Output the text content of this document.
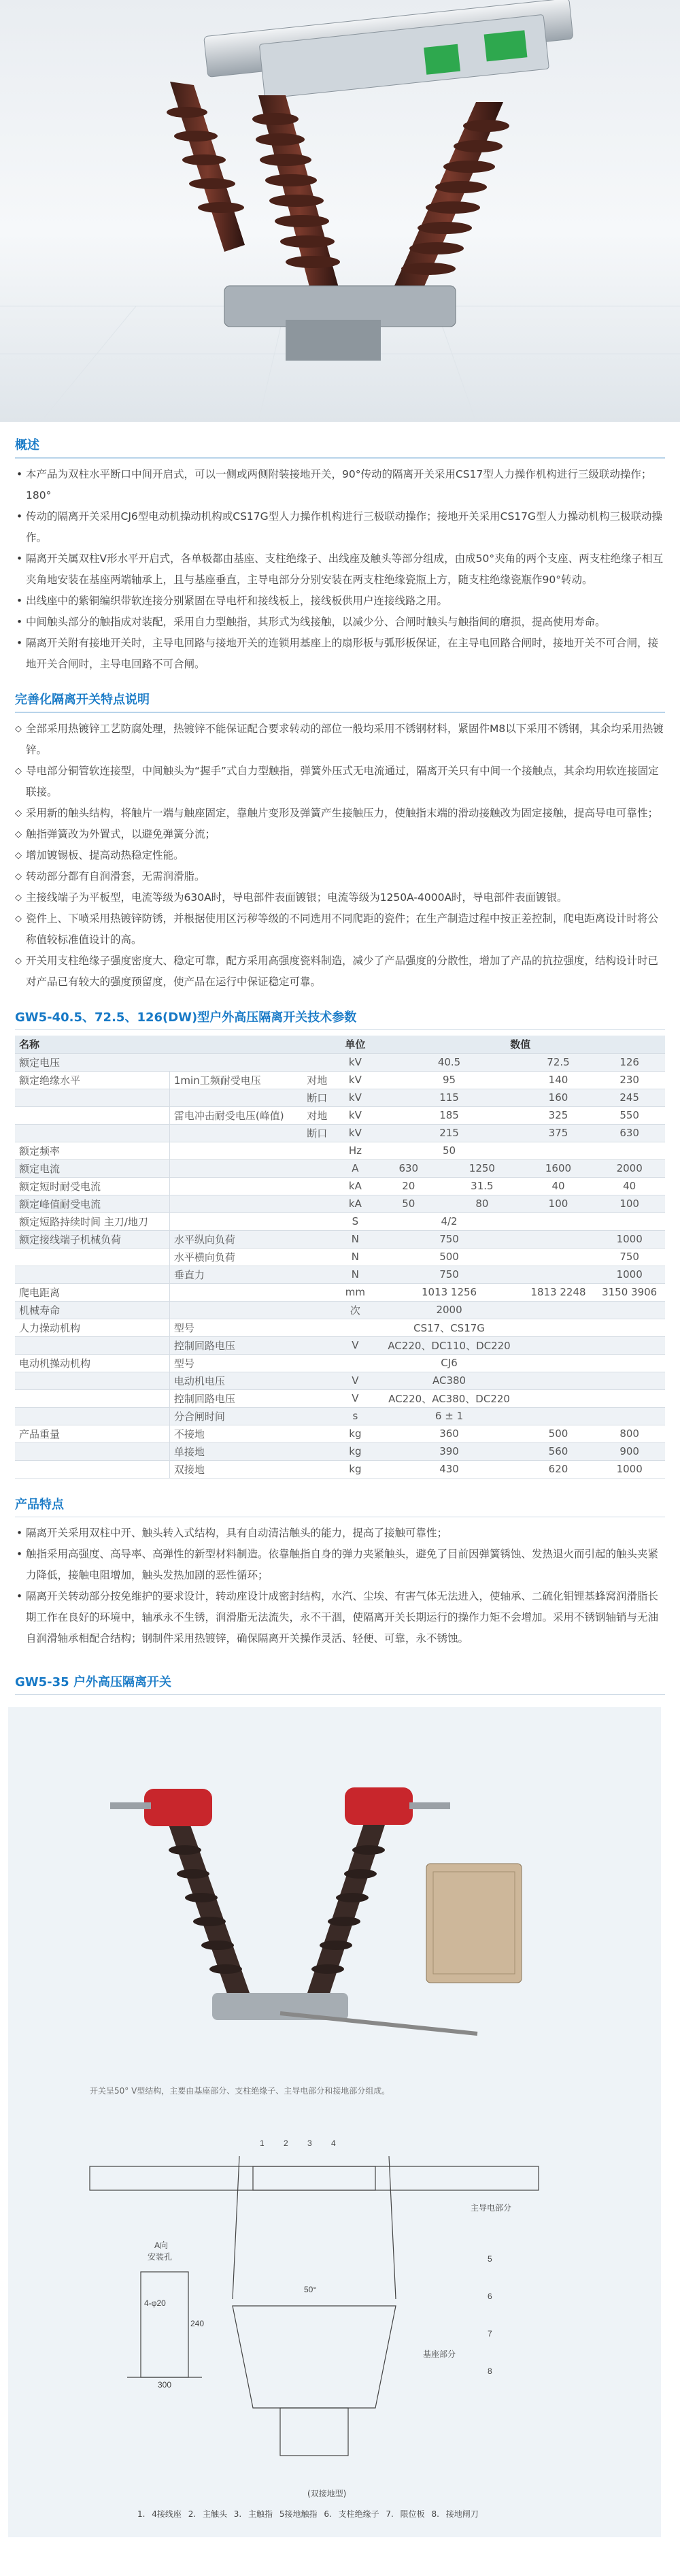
概述
• 本产品为双柱水平断口中间开启式，可以一侧或两侧附装接地开关，90°传动的隔离开关采用CS17型人力操作机构进行三级联动操作；180°
• 传动的隔离开关采用CJ6型电动机操动机构或CS17G型人力操作机构进行三极联动操作；接地开关采用CS17G型人力操动机构三极联动操作。
• 隔离开关属双柱V形水平开启式，各单极都由基座、支柱绝缘子、出线座及触头等部分组成，由成50°夹角的两个支座、两支柱绝缘子相互夹角地安装在基座两端轴承上，且与基座垂直，主导电部分分别安装在两支柱绝缘瓷瓶上方，随支柱绝缘瓷瓶作90°转动。
• 出线座中的紫铜编织带软连接分别紧固在导电杆和接线板上，接线板供用户连接线路之用。
• 中间触头部分的触指成对装配，采用自力型触指，其形式为线接触，以减少分、合闸时触头与触指间的磨损，提高使用寿命。
• 隔离开关附有接地开关时，主导电回路与接地开关的连锁用基座上的扇形板与弧形板保证，在主导电回路合闸时，接地开关不可合闸，接地开关合闸时，主导电回路不可合闸。
完善化隔离开关特点说明
◇ 全部采用热镀锌工艺防腐处理，热镀锌不能保证配合要求转动的部位一般均采用不锈钢材料，紧固件M8以下采用不锈钢，其余均采用热镀锌。
◇ 导电部分铜管软连接型，中间触头为“握手”式自力型触指，弹簧外压式无电流通过，隔离开关只有中间一个接触点，其余均用软连接固定联接。
◇ 采用新的触头结构，将触片一端与触座固定，靠触片变形及弹簧产生接触压力，使触指末端的滑动接触改为固定接触，提高导电可靠性；
◇ 触指弹簧改为外置式，以避免弹簧分流；
◇ 增加镀锡板、提高动热稳定性能。
◇ 转动部分都有自润滑套，无需润滑脂。
◇ 主接线端子为平板型，电流等级为630A时，导电部件表面镀银；电流等级为1250A-4000A时，导电部件表面镀银。
◇ 瓷件上、下喷采用热镀锌防锈，并根据使用区污秽等级的不同选用不同爬距的瓷件；在生产制造过程中按正差控制，爬电距离设计时将公称值较标准值设计的高。
◇ 开关用支柱绝缘子强度密度大、稳定可靠，配方采用高强度瓷料制造，减少了产品强度的分散性，增加了产品的抗拉强度，结构设计时已对产品已有较大的强度预留度，使产品在运行中保证稳定可靠。
GW5-40.5、72.5、126(DW)型户外高压隔离开关技术参数
名称			单位	数值			
额定电压			kV	40.5		72.5	126
额定绝缘水平	1min工频耐受电压	对地	kV	95		140	230
		断口	kV	115		160	245
	雷电冲击耐受电压(峰值)	对地	kV	185		325	550
		断口	kV	215		375	630
额定频率			Hz	50			
额定电流			A	630	1250	1600	2000
额定短时耐受电流			kA	20	31.5	40	40
额定峰值耐受电流			kA	50	80	100	100
额定短路持续时间 主刀/地刀			S	4/2			
额定接线端子机械负荷	水平纵向负荷		N	750			1000
	水平横向负荷		N	500			750
	垂直力		N	750			1000
爬电距离			mm	1013 1256		1813 2248	3150 3906
机械寿命			次	2000			
人力操动机构	型号			CS17、CS17G			
	控制回路电压		V	AC220、DC110、DC220			
电动机操动机构	型号			CJ6			
	电动机电压		V	AC380			
	控制回路电压		V	AC220、AC380、DC220			
	分合闸时间		s	6 ± 1			
产品重量	不接地		kg	360		500	800
	单接地		kg	390		560	900
	双接地		kg	430		620	1000
产品特点
• 隔离开关采用双柱中开、触头转入式结构，具有自动清洁触头的能力，提高了接触可靠性；
• 触指采用高强度、高导率、高弹性的新型材料制造。依靠触指自身的弹力夹紧触头，避免了目前因弹簧锈蚀、发热退火而引起的触头夹紧力降低，接触电阻增加，触头发热加剧的恶性循环；
• 隔离开关转动部分按免维护的要求设计，转动座设计成密封结构，水汽、尘埃、有害气体无法进入，使轴承、二硫化钼锂基蜂窝润滑脂长期工作在良好的环境中，轴承永不生锈，润滑脂无法流失，永不干涸，使隔离开关长期运行的操作力矩不会增加。采用不锈钢轴销与无油自润滑轴承相配合结构；钢制件采用热镀锌，确保隔离开关操作灵活、轻便、可靠，永不锈蚀。
GW5-35 户外高压隔离开关
1 2 3 4
5
6
7
8
主导电部分
50°
基座部分
A向
安装孔
4-φ20
240
300
开关呈50° V型结构，主要由基座部分、支柱绝缘子、主导电部分和接地部分组成。
(双接地型)
1. 4接线座 2. 主触头 3. 主触指 5接地触指 6. 支柱绝缘子 7. 限位板 8. 接地闸刀
